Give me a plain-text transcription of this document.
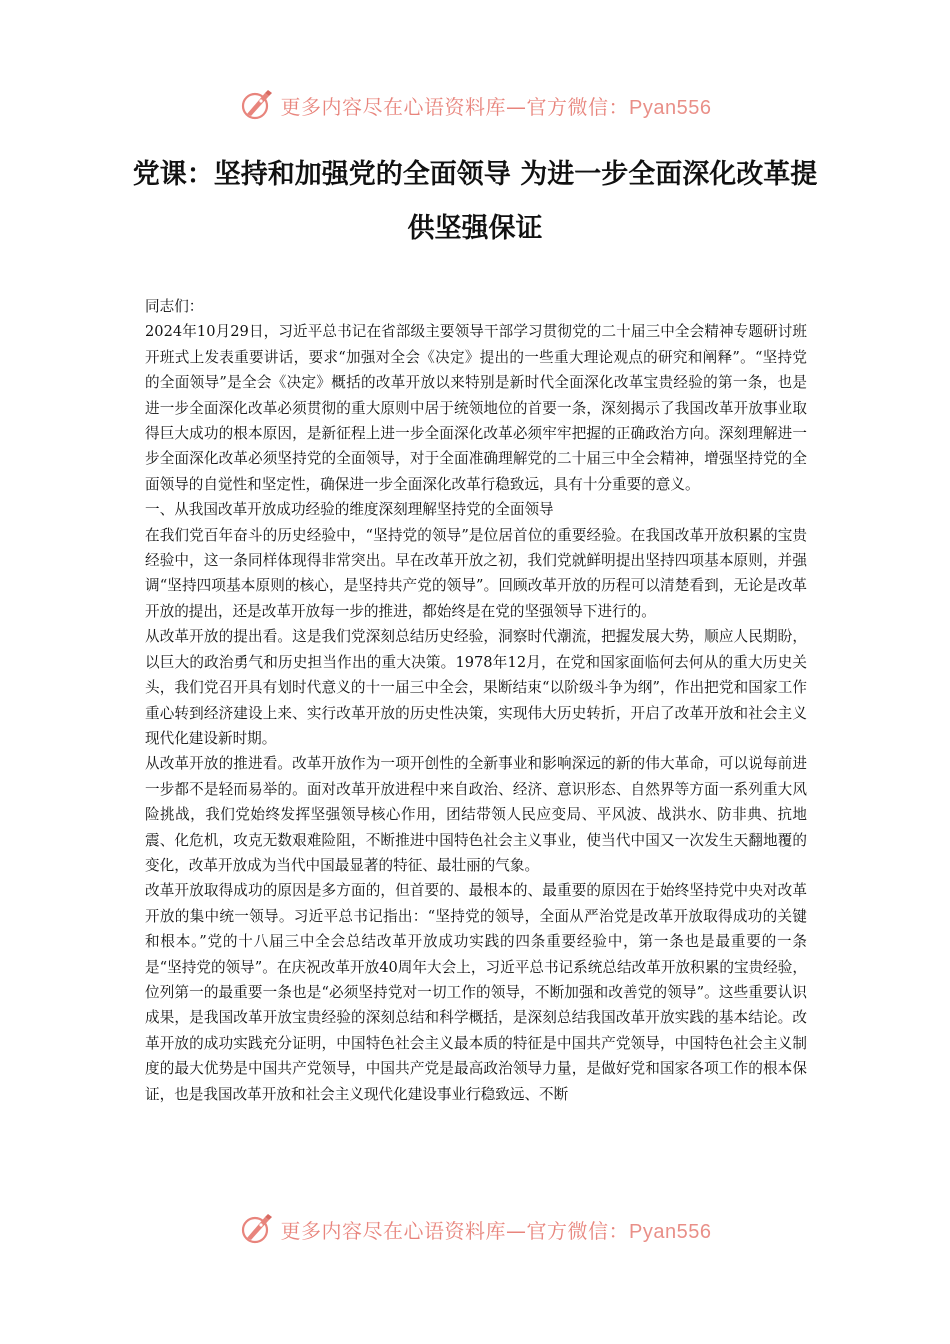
更多内容尽在心语资料库—官方微信：Pyan556
党课：坚持和加强党的全面领导 为进一步全面深化改革提供坚强保证

同志们：

2024年10月29日，习近平总书记在省部级主要领导干部学习贯彻党的二十届三中全会精神专题研讨班开班式上发表重要讲话，要求“加强对全会《决定》提出的一些重大理论观点的研究和阐释”。“坚持党的全面领导”是全会《决定》概括的改革开放以来特别是新时代全面深化改革宝贵经验的第一条，也是进一步全面深化改革必须贯彻的重大原则中居于统领地位的首要一条，深刻揭示了我国改革开放事业取得巨大成功的根本原因，是新征程上进一步全面深化改革必须牢牢把握的正确政治方向。深刻理解进一步全面深化改革必须坚持党的全面领导，对于全面准确理解党的二十届三中全会精神，增强坚持党的全面领导的自觉性和坚定性，确保进一步全面深化改革行稳致远，具有十分重要的意义。

一、从我国改革开放成功经验的维度深刻理解坚持党的全面领导

在我们党百年奋斗的历史经验中，“坚持党的领导”是位居首位的重要经验。在我国改革开放积累的宝贵经验中，这一条同样体现得非常突出。早在改革开放之初，我们党就鲜明提出坚持四项基本原则，并强调“坚持四项基本原则的核心，是坚持共产党的领导”。回顾改革开放的历程可以清楚看到，无论是改革开放的提出，还是改革开放每一步的推进，都始终是在党的坚强领导下进行的。

从改革开放的提出看。这是我们党深刻总结历史经验，洞察时代潮流，把握发展大势，顺应人民期盼，以巨大的政治勇气和历史担当作出的重大决策。1978年12月，在党和国家面临何去何从的重大历史关头，我们党召开具有划时代意义的十一届三中全会，果断结束“以阶级斗争为纲”，作出把党和国家工作重心转到经济建设上来、实行改革开放的历史性决策，实现伟大历史转折，开启了改革开放和社会主义现代化建设新时期。

从改革开放的推进看。改革开放作为一项开创性的全新事业和影响深远的新的伟大革命，可以说每前进一步都不是轻而易举的。面对改革开放进程中来自政治、经济、意识形态、自然界等方面一系列重大风险挑战，我们党始终发挥坚强领导核心作用，团结带领人民应变局、平风波、战洪水、防非典、抗地震、化危机，攻克无数艰难险阻，不断推进中国特色社会主义事业，使当代中国又一次发生天翻地覆的变化，改革开放成为当代中国最显著的特征、最壮丽的气象。

改革开放取得成功的原因是多方面的，但首要的、最根本的、最重要的原因在于始终坚持党中央对改革开放的集中统一领导。习近平总书记指出：“坚持党的领导，全面从严治党是改革开放取得成功的关键和根本。”党的十八届三中全会总结改革开放成功实践的四条重要经验中，第一条也是最重要的一条是“坚持党的领导”。在庆祝改革开放40周年大会上，习近平总书记系统总结改革开放积累的宝贵经验，位列第一的最重要一条也是“必须坚持党对一切工作的领导，不断加强和改善党的领导”。这些重要认识成果，是我国改革开放宝贵经验的深刻总结和科学概括，是深刻总结我国改革开放实践的基本结论。改革开放的成功实践充分证明，中国特色社会主义最本质的特征是中国共产党领导，中国特色社会主义制度的最大优势是中国共产党领导，中国共产党是最高政治领导力量，是做好党和国家各项工作的根本保证，也是我国改革开放和社会主义现代化建设事业行稳致远、不断

更多内容尽在心语资料库—官方微信：Pyan556
